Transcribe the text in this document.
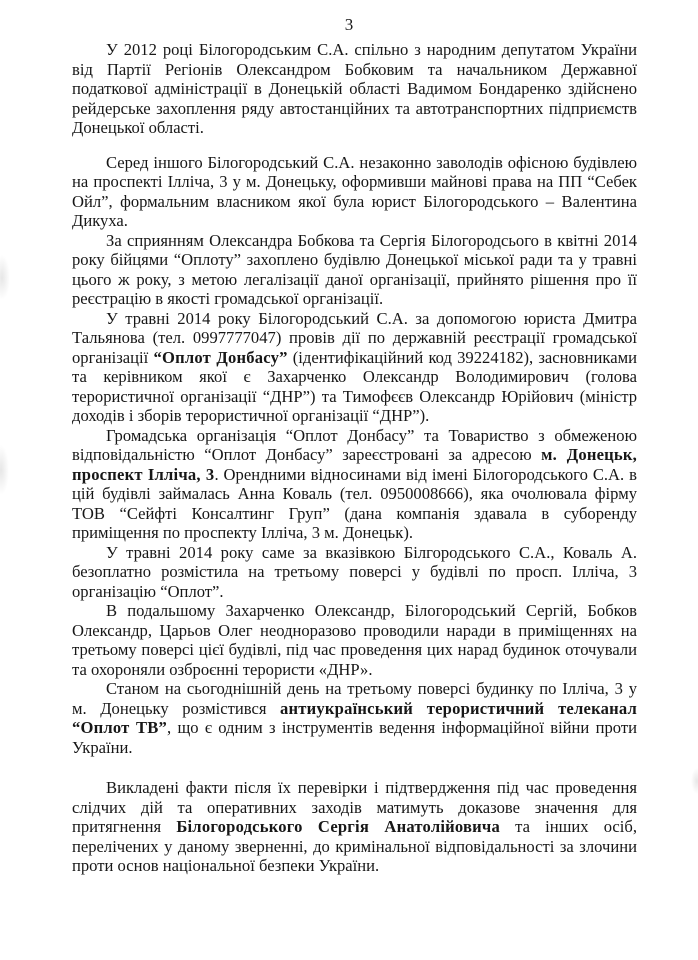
3

У 2012 році Білогородським С.А. спільно з народним депутатом України від Партії Регіонів Олександром Бобковим та начальником Державної податкової адміністрації в Донецькій області Вадимом Бондаренко здійснено рейдерське захоплення ряду автостанційних та автотранспортних підприємств Донецької області.

Серед іншого Білогородський С.А. незаконно заволодів офісною будівлею на проспекті Ілліча, 3 у м. Донецьку, оформивши майнові права на ПП “Себек Ойл”, формальним власником якої була юрист Білогородського – Валентина Дикуха.

За сприянням Олександра Бобкова та Сергія Білогородсього в квітні 2014 року бійцями “Оплоту” захоплено будівлю Донецької міської ради та у травні цього ж року, з метою легалізації даної організації, прийнято рішення про її реєстрацію в якості громадської організації.

У травні 2014 року Білогородський С.А. за допомогою юриста Дмитра Тальянова (тел. 0997777047) провів дії по державній реєстрації громадської організації “Оплот Донбасу” (ідентифікаційний код 39224182), засновниками та керівником якої є Захарченко Олександр Володимирович (голова терористичної організації “ДНР”) та Тимофєєв Олександр Юрійович (міністр доходів і зборів терористичної організації “ДНР”).

Громадська організація “Оплот Донбасу” та Товариство з обмеженою відповідальністю “Оплот Донбасу” зареєстровані за адресою м. Донецьк, проспект Ілліча, 3. Орендними відносинами від імені Білогородського С.А. в цій будівлі займалась Анна Коваль (тел. 0950008666), яка очолювала фірму ТОВ “Сейфті Консалтинг Груп” (дана компанія здавала в суборенду приміщення по проспекту Ілліча, 3 м. Донецьк).

У травні 2014 року саме за вказівкою Білгородського С.А., Коваль А. безоплатно розмістила на третьому поверсі у будівлі по просп. Ілліча, 3 організацію “Оплот”.

В подальшому Захарченко Олександр, Білогородський Сергій, Бобков Олександр, Царьов Олег неодноразово проводили наради в приміщеннях на третьому поверсі цієї будівлі, під час проведення цих нарад будинок оточували та охороняли озброєнні терористи «ДНР».

Станом на сьогоднішній день на третьому поверсі будинку по Ілліча, 3 у м. Донецьку розмістився антиукраїнський терористичний телеканал “Оплот ТВ”, що є одним з інструментів ведення інформаційної війни проти України.

Викладені факти після їх перевірки і підтвердження під час проведення слідчих дій та оперативних заходів матимуть доказове значення для притягнення Білогородського Сергія Анатолійовича та інших осіб, перелічених у даному зверненні, до кримінальної відповідальності за злочини проти основ національної безпеки України.
